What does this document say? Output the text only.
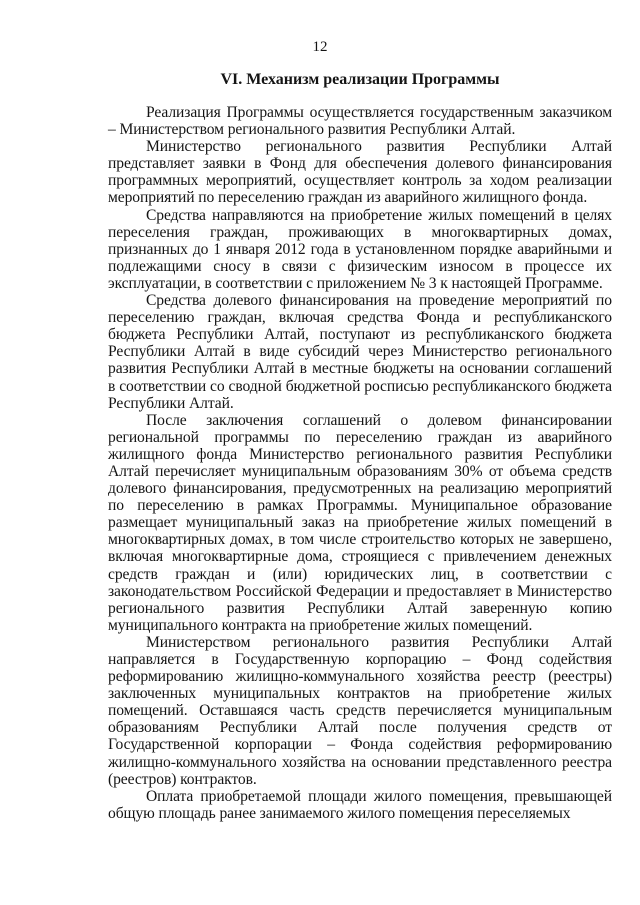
12
VI. Механизм реализации Программы

Реализация Программы осуществляется государственным заказчиком – Министерством регионального развития Республики Алтай.

Министерство регионального развития Республики Алтай представляет заявки в Фонд для обеспечения долевого финансирования программных мероприятий, осуществляет контроль за ходом реализации мероприятий по переселению граждан из аварийного жилищного фонда.

Средства направляются на приобретение жилых помещений в целях переселения граждан, проживающих в многоквартирных домах, признанных до 1 января 2012 года в установленном порядке аварийными и подлежащими сносу в связи с физическим износом в процессе их эксплуатации, в соответствии с приложением № 3 к настоящей Программе.

Средства долевого финансирования на проведение мероприятий по переселению граждан, включая средства Фонда и республиканского бюджета Республики Алтай, поступают из республиканского бюджета Республики Алтай в виде субсидий через Министерство регионального развития Республики Алтай в местные бюджеты на основании соглашений в соответствии со сводной бюджетной росписью республиканского бюджета Республики Алтай.

После заключения соглашений о долевом финансировании региональной программы по переселению граждан из аварийного жилищного фонда Министерство регионального развития Республики Алтай перечисляет муниципальным образованиям 30% от объема средств долевого финансирования, предусмотренных на реализацию мероприятий по переселению в рамках Программы. Муниципальное образование размещает муниципальный заказ на приобретение жилых помещений в многоквартирных домах, в том числе строительство которых не завершено, включая многоквартирные дома, строящиеся с привлечением денежных средств граждан и (или) юридических лиц, в соответствии с законодательством Российской Федерации и предоставляет в Министерство регионального развития Республики Алтай заверенную копию муниципального контракта на приобретение жилых помещений.

Министерством регионального развития Республики Алтай направляется в Государственную корпорацию – Фонд содействия реформированию жилищно-коммунального хозяйства реестр (реестры) заключенных муниципальных контрактов на приобретение жилых помещений. Оставшаяся часть средств перечисляется муниципальным образованиям Республики Алтай после получения средств от Государственной корпорации – Фонда содействия реформированию жилищно-коммунального хозяйства на основании представленного реестра (реестров) контрактов.

Оплата приобретаемой площади жилого помещения, превышающей общую площадь ранее занимаемого жилого помещения переселяемых
